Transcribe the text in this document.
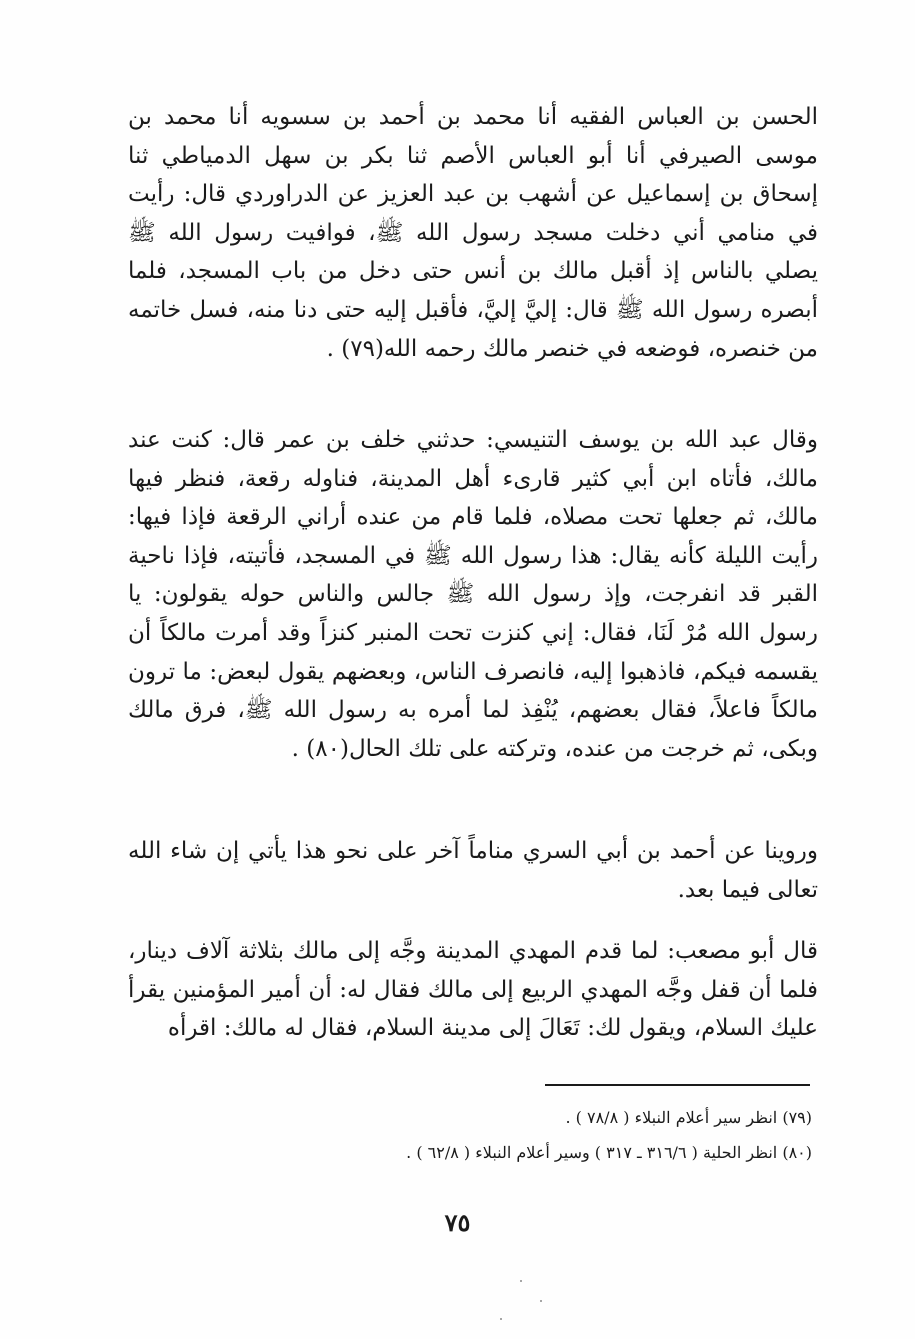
الحسن بن العباس الفقيه أنا محمد بن أحمد بن سسويه أنا محمد بن موسى الصيرفي أنا أبو العباس الأصم ثنا بكر بن سهل الدمياطي ثنا إسحاق بن إسماعيل عن أشهب بن عبد العزيز عن الدراوردي قال: رأيت في منامي أني دخلت مسجد رسول الله ﷺ، فوافيت رسول الله ﷺ يصلي بالناس إذ أقبل مالك بن أنس حتى دخل من باب المسجد، فلما أبصره رسول الله ﷺ قال: إليَّ إليَّ، فأقبل إليه حتى دنا منه، فسل خاتمه من خنصره، فوضعه في خنصر مالك رحمه الله(٧٩) .

وقال عبد الله بن يوسف التنيسي: حدثني خلف بن عمر قال: كنت عند مالك، فأتاه ابن أبي كثير قارىء أهل المدينة، فناوله رقعة، فنظر فيها مالك، ثم جعلها تحت مصلاه، فلما قام من عنده أراني الرقعة فإذا فيها: رأيت الليلة كأنه يقال: هذا رسول الله ﷺ في المسجد، فأتيته، فإذا ناحية القبر قد انفرجت، وإذ رسول الله ﷺ جالس والناس حوله يقولون: يا رسول الله مُرْ لَنَا، فقال: إني كنزت تحت المنبر كنزاً وقد أمرت مالكاً أن يقسمه فيكم، فاذهبوا إليه، فانصرف الناس، وبعضهم يقول لبعض: ما ترون مالكاً فاعلاً، فقال بعضهم، يُنْفِذ لما أمره به رسول الله ﷺ، فرق مالك وبكى، ثم خرجت من عنده، وتركته على تلك الحال(٨٠) .

وروينا عن أحمد بن أبي السري مناماً آخر على نحو هذا يأتي إن شاء الله تعالى فيما بعد.

قال أبو مصعب: لما قدم المهدي المدينة وجَّه إلى مالك بثلاثة آلاف دينار، فلما أن قفل وجَّه المهدي الربيع إلى مالك فقال له: أن أمير المؤمنين يقرأ عليك السلام، ويقول لك: تَعَالَ إلى مدينة السلام، فقال له مالك: اقرأه

(٧٩) انظر سير أعلام النبلاء ( ٧٨/٨ ) .
(٨٠) انظر الحلية ( ٣١٦/٦ ـ ٣١٧ ) وسير أعلام النبلاء ( ٦٢/٨ ) .
٧٥
